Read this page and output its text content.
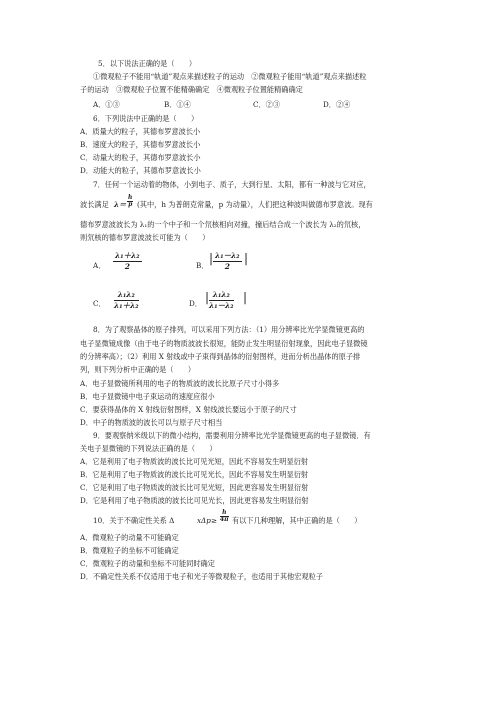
5．以下说法正确的是（　　）
①微观粒子不能用“轨道”观点来描述粒子的运动　②微观粒子能用“轨道”观点来描述粒
子的运动　③微观粒子位置不能精确确定　④微观粒子位置能精确确定
A．①③	B．①④	C．②③	D．②④
6．下列说法中正确的是（　　）
A．质量大的粒子，其德布罗意波长小
B．速度大的粒子，其德布罗意波长小
C．动量大的粒子，其德布罗意波长小
D．动能大的粒子，其德布罗意波长小
7．任何一个运动着的物体，小到电子、质子，大到行星、太阳，都有一种波与它对应，
波长满足 $\lambda= \frac{h}{p}$ (其中，h 为普朗克常量，p 为动量），人们把这种波叫做德布罗意波。现有
德布罗意波波长为 λ₁的一个中子和一个氘核相向对撞，撞后结合成一个波长为 λ₂的氘核，
则氘核的德布罗意波波长可能为（　　）
A． $\frac{\text{λ₁＋λ₂}}{2}$	B．
| $\frac{\text{λ₁－λ₂}}{2}$ |
C． $\frac{\text{λ₁λ₂}}{\text{λ₁＋λ₂}}$	D． | $\frac{\text{λ₁λ₂}}{\text{λ₁－λ₂}}$ |
8．为了观察晶体的原子排列，可以采用下列方法：（1）用分辨率比光学显微镜更高的
电子显微镜成像（由于电子的物质波波长很短，能防止发生明显衍射现象，因此电子显微镜
的分辨率高）；（2）利用 X 射线或中子束得到晶体的衍射图样，进而分析出晶体的原子排
列，则下列分析中正确的是（　　）
A．电子显微镜所利用的电子的物质波的波长比原子尺寸小得多
B．电子显微镜中电子束运动的速度应很小
C．要获得晶体的 X 射线衍射图样，X 射线波长要远小于原子的尺寸
D．中子的物质波的波长可以与原子尺寸相当
9．要观察纳米级以下的微小结构，需要利用分辨率比光学显微镜更高的电子显微镜．有
关电子显微镜的下列说法正确的是（　　）
A．它是利用了电子物质波的波长比可见光短，因此不容易发生明显衍射
B．它是利用了电子物质波的波长比可见光长，因此不容易发生明显衍射
C．它是利用了电子物质波的波长比可见光短，因此更容易发生明显衍射
D．它是利用了电子物质波的波长比可见光长，因此更容易发生明显衍射
10．关于不确定性关系 Δ	$x\Delta p\ge \frac{h}{4\pi}$ 有以下几种理解，其中正确的是（　　）
A．微观粒子的动量不可能确定
B．微观粒子的坐标不可能确定
C．微观粒子的动量和坐标不可能同时确定
D．不确定性关系不仅适用于电子和光子等微观粒子，也适用于其他宏观粒子
